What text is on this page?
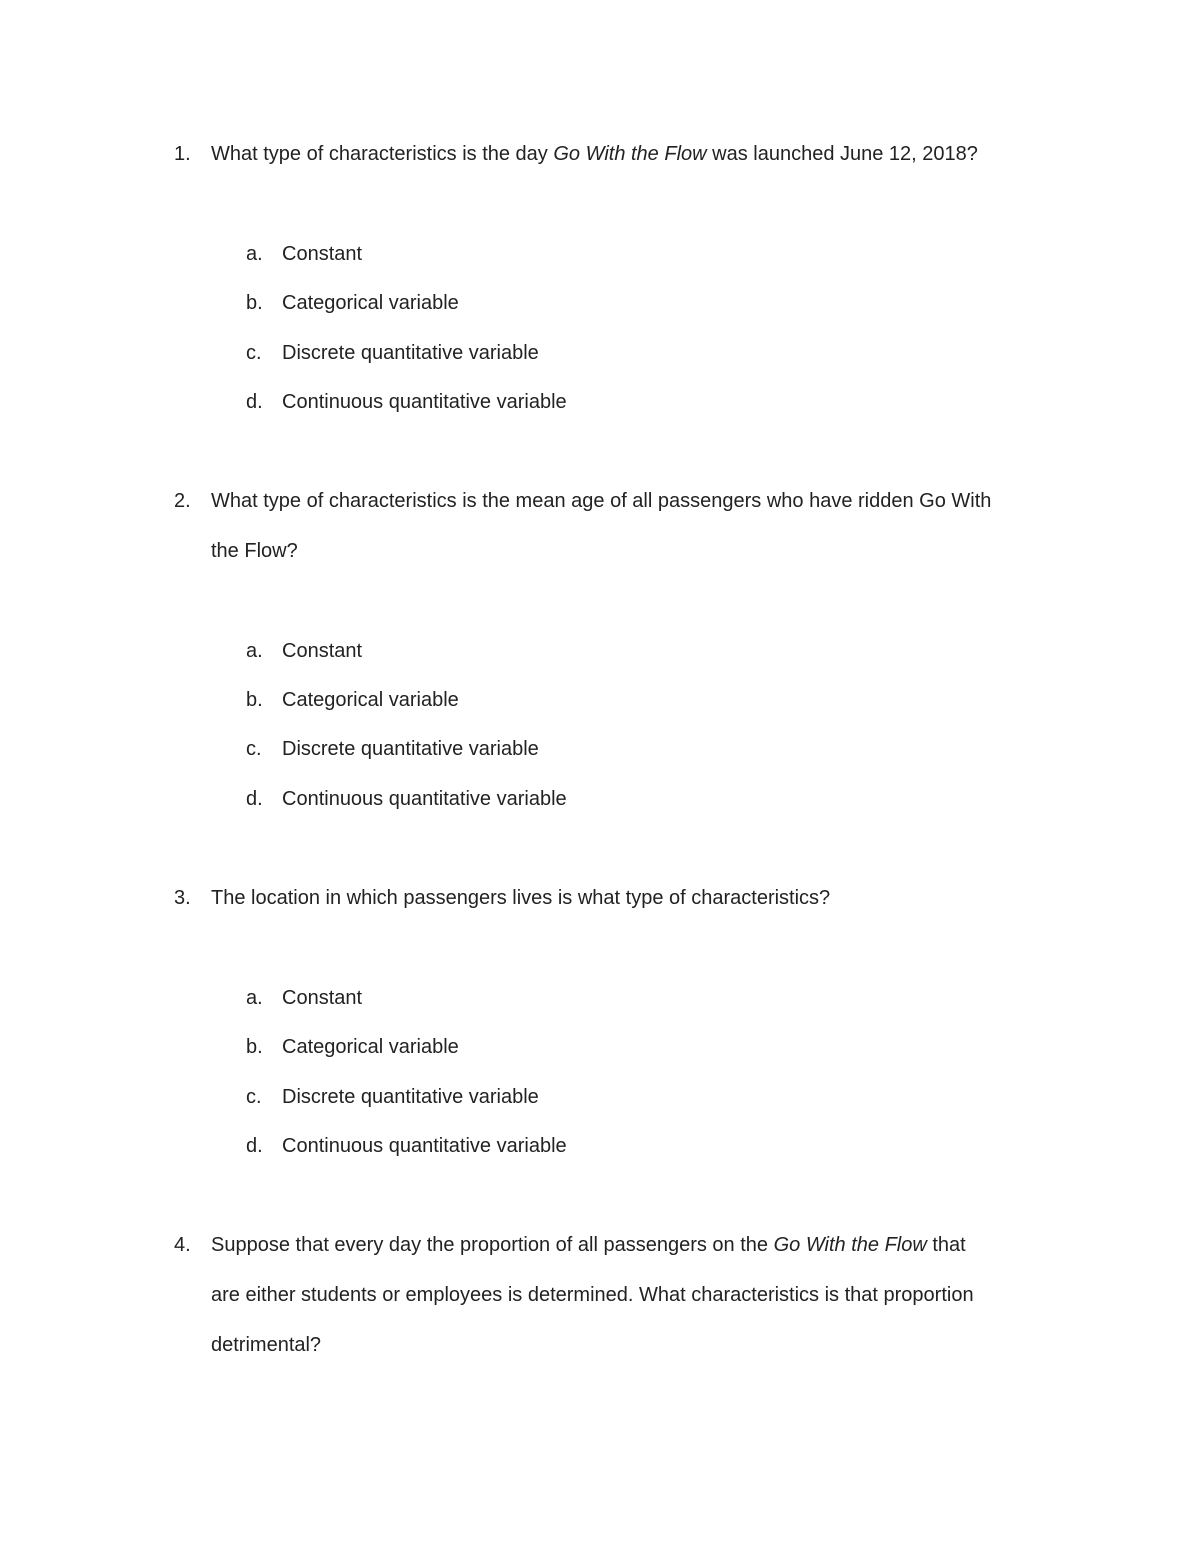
1.	What type of characteristics is the day Go With the Flow was launched June 12, 2018?
a. Constant
b. Categorical variable
c.	Discrete quantitative variable
d. Continuous quantitative variable
2.	What type of characteristics is the mean age of all passengers who have ridden Go With
the Flow?
a. Constant
b. Categorical variable
c.	Discrete quantitative variable
d. Continuous quantitative variable
3.	The location in which passengers lives is what type of characteristics?
a. Constant
b. Categorical variable
c.	Discrete quantitative variable
d. Continuous quantitative variable
4.	Suppose that every day the proportion of all passengers on the Go With the Flow that
are either students or employees is determined. What characteristics is that proportion
detrimental?
